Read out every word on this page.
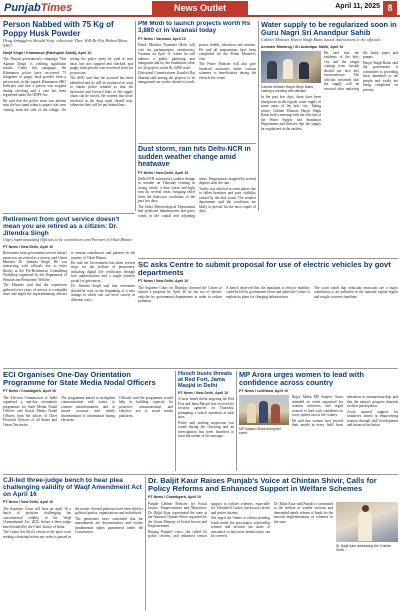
PunjabTimes	News Outlet	April 11, 2025 8
Person Nabbed with 75 Kg of Poppy Husk Powder
Drug Smugglers Should Stop, otherwise They Will Be Put Behind Bars: SHO
Harjit Singh / Khamanon (Fatehgarh Sahib), April 10

The Punjab government's campaign 'War Against Drugs' is yielding significant results. Under this campaign, the Khamanon police have recovered 75 kilograms of poppy husk powder from a person and, in this regard, Khamanon SHO Inderjeet said that a person was stopped during checking and a case has been registered under the NDPS Act.

He said that the police team was present near the bus stand when a suspect was seen coming from the side of the village. On seeing the police party he tried to turn back, but was stopped and checked, and poppy husk powder was recovered from his possession.

The SHO said that the accused has been identified and he will be produced in court to obtain police remand so that the backward and forward links of the supply chain can be traced. He warned that those involved in the drug trade should stop, otherwise they will be put behind bars.

PM Modi to launch projects worth Rs 3,880 cr in Varanasi today
PT News / Varanasi, April 10

Prime Minister Narendra Modi will visit his parliamentary constituency Varanasi on April 11, where he will address a public gathering and inaugurate and lay the foundation stone for 44 projects worth Rs 3,880 crore.

Divisional Commissioner Kaushal Raj Sharma said among the projects to be inaugurated are works related to roads, power, health, education and tourism. He said all preparations have been completed for the Prime Minister's visit.

The Prime Minister will also give financial assistance under various schemes to beneficiaries during the event at the venue.

Water supply to be regularized soon in Guru Nagri Sri Anandpur Sahib
Cabinet Minister Harjot Singh Bains issued instructions to the officials
Arvinder Manhrog / Sri Anandpur Sahib, April 10
Cabinet Minister Harjot Singh Bains holding a meeting with officials.
In the past few days, there have been disruptions in the regular water supply in some areas of the holy city. Taking notice, Cabinet Minister Harjot Singh Bains held a meeting with the officials of the Water Supply and Sanitation Department and directed that the supply be regularized at the earliest.

He said that the residents of the holy city and the sangat coming from outside should not face any inconvenience. The officials informed that the supply will be restored after replacing the faulty pipes and pumps.

Harjot Singh Bains said the government is committed to providing basic amenities to the people and works are being completed on priority.

Dust storm, rain hits Delhi-NCR in sudden weather change amid heatwave
PT News / New Delhi, April 10

Delhi-NCR witnessed a sudden change in weather on Thursday evening as strong winds, a dust storm and light rain hit several areas, bringing relief from the heatwave conditions of the past few days.

The India Meteorological Department had predicted thunderstorm and gusty winds in the capital and adjoining areas. Temperatures dropped by several degrees after the rain.

Traffic was affected in some places due to fallen branches and poor visibility caused by the dust storm. The weather department said the conditions are likely to prevail for the next couple of days.

Retirement from govt service doesn't mean you are retired as a citizen: Dr. Jitendra Singh
Urges Superannuating Officials to be contributors and Partners in Viksit Bharat
PT News / New Delhi, April 10

Retirement from government service doesn't mean you are retired as a citizen, said Union Minister Dr. Jitendra Singh. He was interacting with officials due to retire shortly at the Pre-Retirement Counselling Workshop organised by the Department of Pension and Pensioners' Welfare.

The Minister said that the experience gathered over years of service is a valuable asset and urged the superannuating officers to remain contributors and partners in the journey of Viksit Bharat.

He said the Government has taken several steps for the welfare of pensioners, including digital life certificates through face authentication and a single window portal for grievances.

Dr. Jitendra Singh said that retirement should be seen as the beginning of a new innings in which one can serve society in different ways.

SC asks Centre to submit proposal for use of electric vehicles by govt departments
PT News / New Delhi, April 10

The Supreme Court on Thursday directed the Centre to submit a proposal by April 30 for the use of electric vehicles by government departments in order to reduce pollution.

A bench observed that the transition to electric mobility could be led by government fleets and asked the Centre to explain its plans for charging infrastructure.

The court noted that vehicular emissions are a major contributor to air pollution in the national capital region and sought concrete timelines.

ECI Organises One-Day Orientation Programme for State Media Nodal Officers
PT News / Chandigarh, April 10

The Election Commission of India organised a one-day orientation programme for State Media Nodal Officers and Social Media Nodal Officers from the offices of Chief Electoral Officers of all States and Union Territories.

The programme aimed to strengthen communication with voters, to counter misinformation, and to ensure accurate and timely dissemination of information during elections.

Officials said the programme would help in building capacity for proactive communication and effective use of social media platforms.

Hooch busts threats at Red Fort, Jama Masjid in Delhi
PT News / New Delhi, April 10

A hoax bomb threat targeting the Red Fort and Jama Masjid was received by security agencies on Thursday, prompting a search operation at both sites.

Police said nothing suspicious was found during the checking and an investigation has been launched to trace the sender of the message.

MP Arora urges women to lead with confidence across country
PT News / Ludhiana, April 10
MP Sanjeev Arora during the event.

Rajya Sabha MP Sanjeev Arora attended an event organised for women achievers and urged women to lead with confidence in every sphere across the country.

He said that women have proved their mettle in every field, from education to entrepreneurship, and that the nation's progress depends on their participation.

Arora assured support for initiatives aimed at empowering women through skill development and financial inclusion.

CJI-led three-judge bench to hear plea challenging validity of Waqf Amendment Act on April 16
PT News / New Delhi, April 10

The Supreme Court will hear on April 16 a batch of petitions challenging the constitutional validity of the Waqf (Amendment) Act, 2025, before a three-judge bench headed by the Chief Justice of India.

The Centre has filed a caveat in the apex court seeking a hearing before any order is passed in the matter. Several petitions have been filed by political parties, organisations and individuals.

The petitioners have contended that the amendments are discriminatory and violate fundamental rights guaranteed under the Constitution.

Dr. Baljit Kaur Raises Punjab's Voice at Chintan Shivir, Calls for Policy Reforms and Enhanced Support in Welfare Schemes
PT News / Chandigarh, April 10

Punjab Cabinet Minister for Social Justice, Empowerment and Minorities, Dr. Baljit Kaur represented the state at the National Chintan Shivir organised by the Union Ministry of Social Justice and Empowerment.

Raising Punjab's voice, she called for policy reforms and enhanced central support in welfare schemes, especially for Scheduled Castes, backward classes and senior citizens.

She urged the Centre to release pending funds under the post-matric scholarship scheme and increase the share of assistance so that more beneficiaries can be covered.

Dr. Baljit Kaur said Punjab is committed to the welfare of weaker sections and demanded timely release of funds for the smooth implementation of schemes in the state.

Dr. Baljit Kaur addressing the Chintan Shivir.
